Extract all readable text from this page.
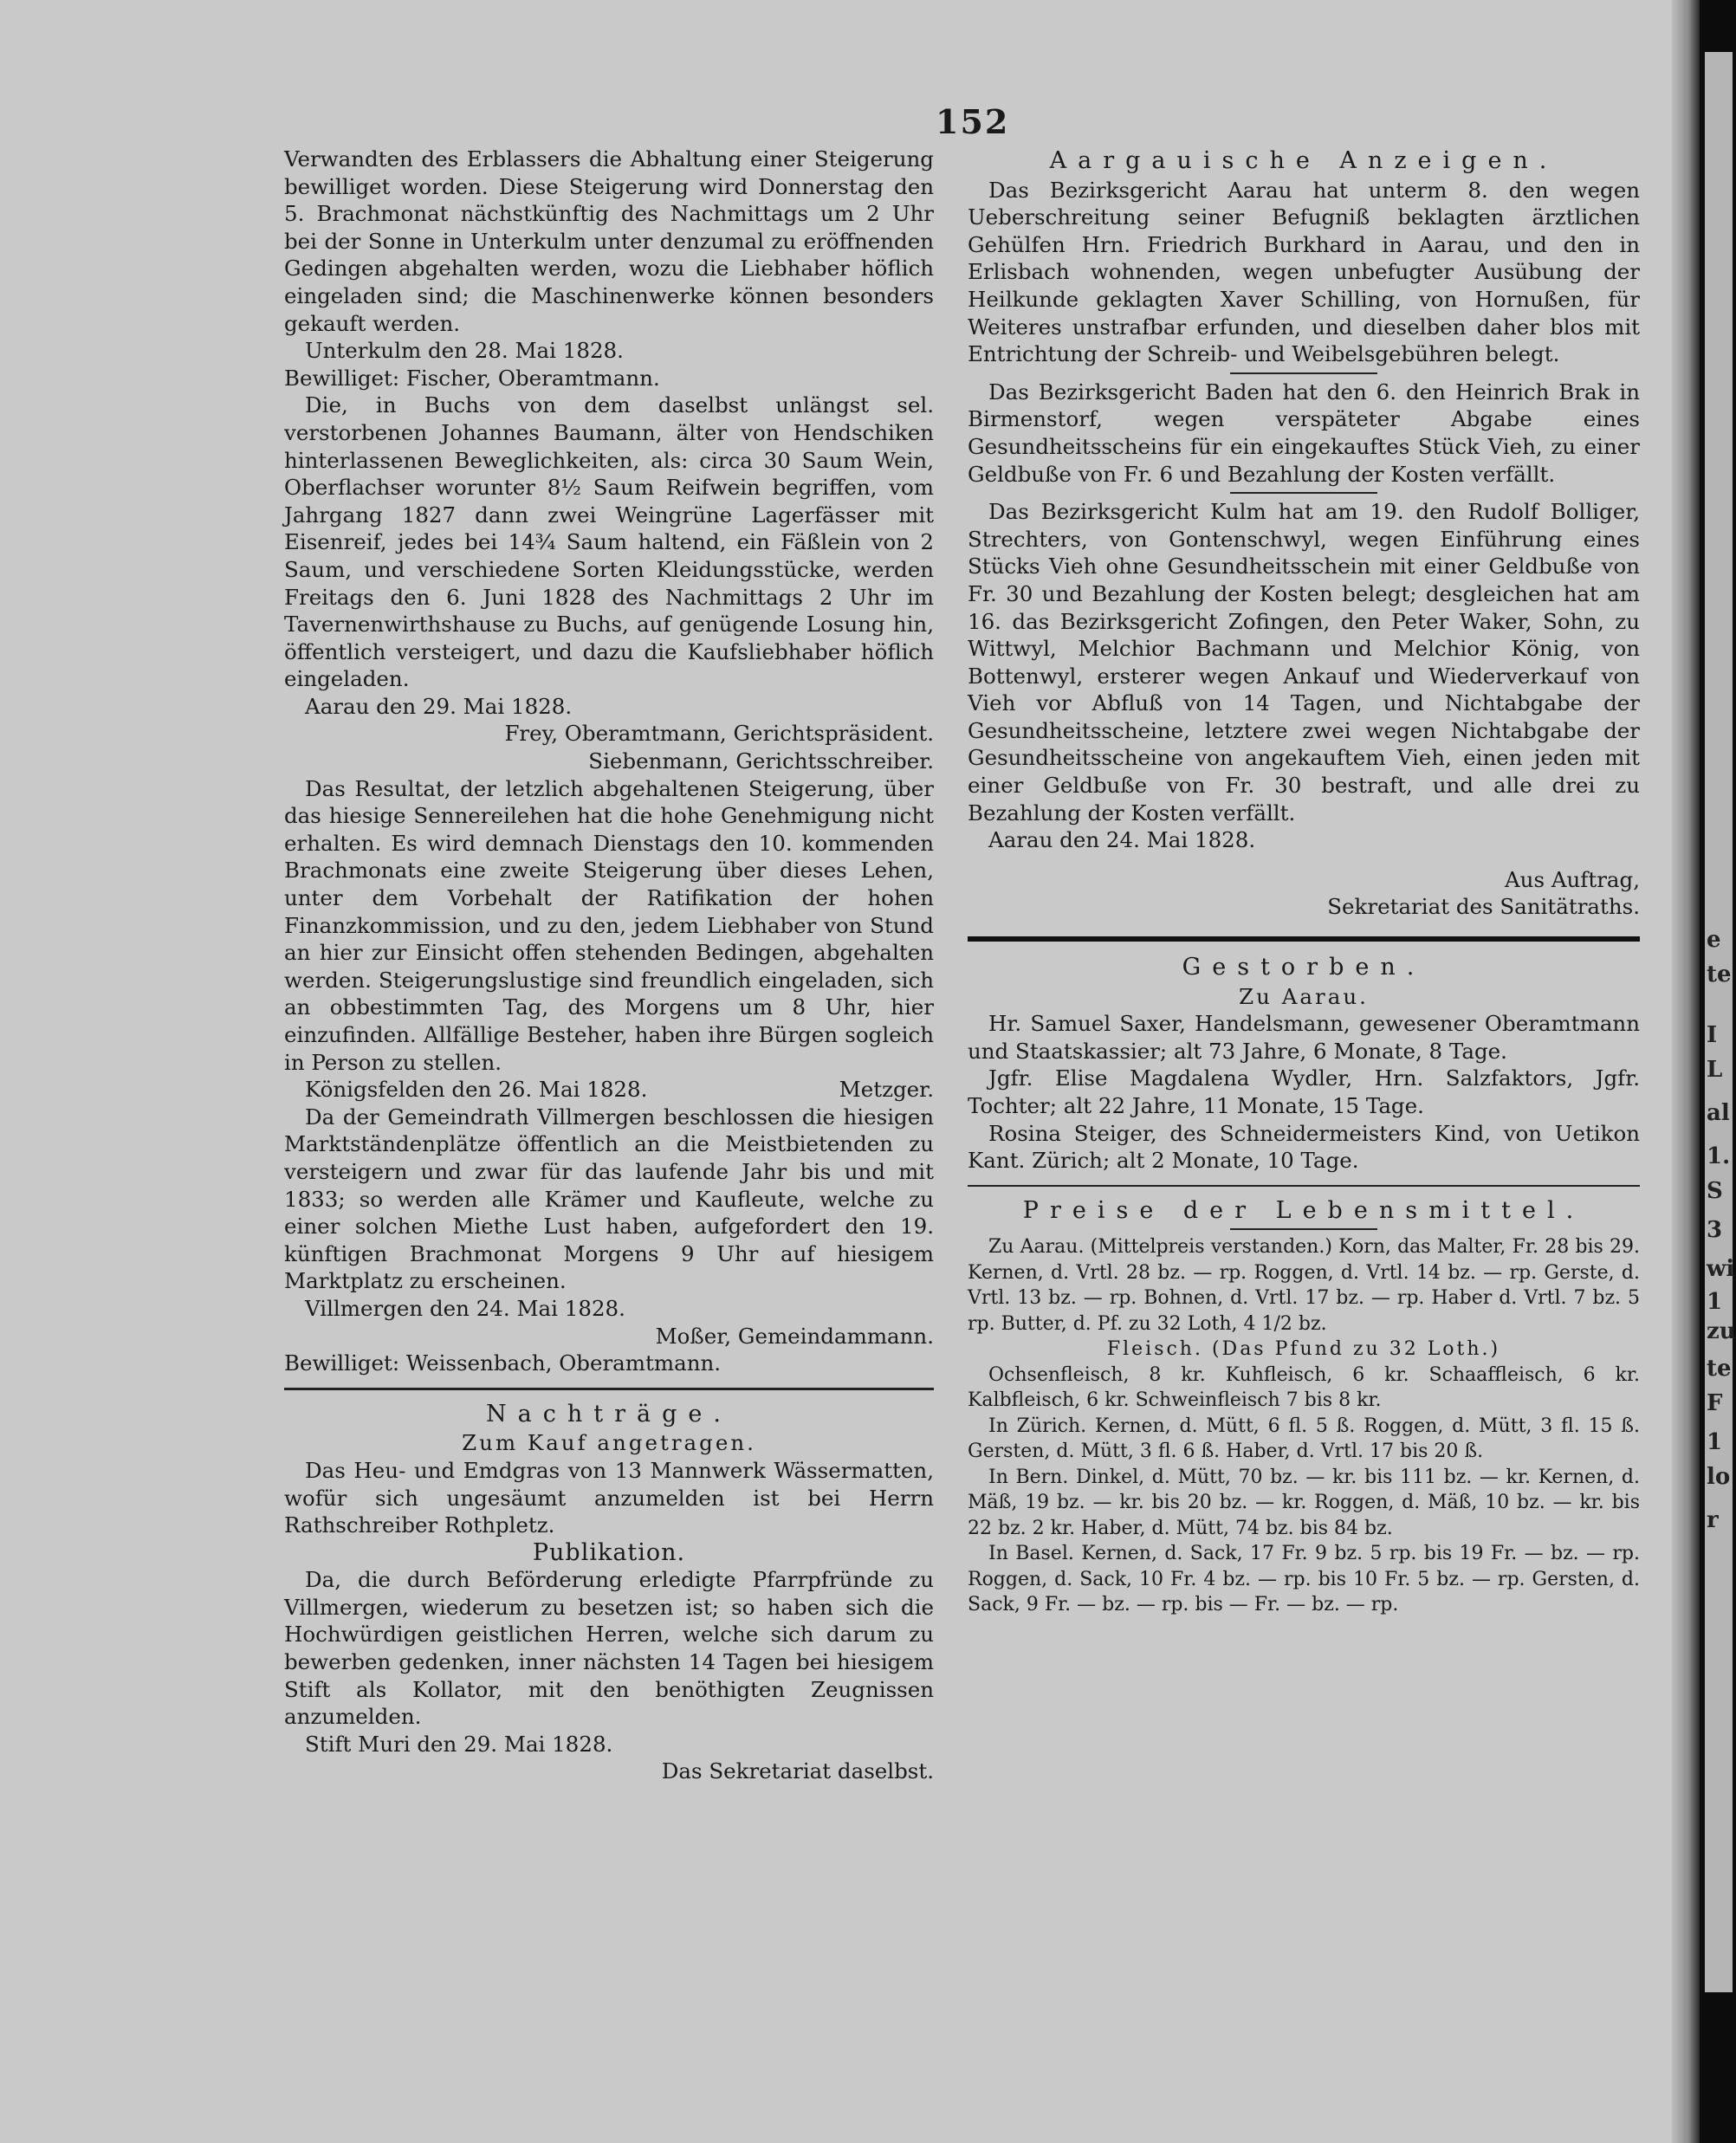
e
te
I
L
al
1.
S
3
wi
1
zu
te
F
1
lo
r
152

Verwandten des Erblassers die Abhaltung einer Steigerung bewilliget worden. Diese Steigerung wird Donnerstag den 5. Brachmonat nächstkünftig des Nachmittags um 2 Uhr bei der Sonne in Unterkulm unter denzumal zu eröffnenden Gedingen abgehalten werden, wozu die Liebhaber höflich eingeladen sind; die Maschinenwerke können besonders gekauft werden.

Unterkulm den 28. Mai 1828.

Bewilliget: Fischer, Oberamtmann.

Die, in Buchs von dem daselbst unlängst sel. verstorbenen Johannes Baumann, älter von Hendschiken hinterlassenen Beweglichkeiten, als: circa 30 Saum Wein, Oberflachser worunter 8½ Saum Reifwein begriffen, vom Jahrgang 1827 dann zwei Weingrüne Lagerfässer mit Eisenreif, jedes bei 14¾ Saum haltend, ein Fäßlein von 2 Saum, und verschiedene Sorten Kleidungsstücke, werden Freitags den 6. Juni 1828 des Nachmittags 2 Uhr im Tavernenwirthshause zu Buchs, auf genügende Losung hin, öffentlich versteigert, und dazu die Kaufsliebhaber höflich eingeladen.

Aarau den 29. Mai 1828.

Frey, Oberamtmann, Gerichtspräsident.
Siebenmann, Gerichtsschreiber.

Das Resultat, der letzlich abgehaltenen Steigerung, über das hiesige Sennereilehen hat die hohe Genehmigung nicht erhalten. Es wird demnach Dienstags den 10. kommenden Brachmonats eine zweite Steigerung über dieses Lehen, unter dem Vorbehalt der Ratifikation der hohen Finanzkommission, und zu den, jedem Liebhaber von Stund an hier zur Einsicht offen stehenden Bedingen, abgehalten werden. Steigerungslustige sind freundlich eingeladen, sich an obbestimmten Tag, des Morgens um 8 Uhr, hier einzufinden. Allfällige Besteher, haben ihre Bürgen sogleich in Person zu stellen.

Königsfelden den 26. Mai 1828.	Metzger.

Da der Gemeindrath Villmergen beschlossen die hiesigen Marktständenplätze öffentlich an die Meistbietenden zu versteigern und zwar für das laufende Jahr bis und mit 1833; so werden alle Krämer und Kaufleute, welche zu einer solchen Miethe Lust haben, aufgefordert den 19. künftigen Brachmonat Morgens 9 Uhr auf hiesigem Marktplatz zu erscheinen.

Villmergen den 24. Mai 1828.

Moßer, Gemeindammann.
Bewilliget: Weissenbach, Oberamtmann.
Nachträge.
Zum Kauf angetragen.

Das Heu- und Emdgras von 13 Mannwerk Wässermatten, wofür sich ungesäumt anzumelden ist bei Herrn Rathschreiber Rothpletz.

Publikation.

Da, die durch Beförderung erledigte Pfarrpfründe zu Villmergen, wiederum zu besetzen ist; so haben sich die Hochwürdigen geistlichen Herren, welche sich darum zu bewerben gedenken, inner nächsten 14 Tagen bei hiesigem Stift als Kollator, mit den benöthigten Zeugnissen anzumelden.

Stift Muri den 29. Mai 1828.

Das Sekretariat daselbst.
Aargauische Anzeigen.

Das Bezirksgericht Aarau hat unterm 8. den wegen Ueberschreitung seiner Befugniß beklagten ärztlichen Gehülfen Hrn. Friedrich Burkhard in Aarau, und den in Erlisbach wohnenden, wegen unbefugter Ausübung der Heilkunde geklagten Xaver Schilling, von Hornußen, für Weiteres unstrafbar erfunden, und dieselben daher blos mit Entrichtung der Schreib- und Weibelsgebühren belegt.

Das Bezirksgericht Baden hat den 6. den Heinrich Brak in Birmenstorf, wegen verspäteter Abgabe eines Gesundheitsscheins für ein eingekauftes Stück Vieh, zu einer Geldbuße von Fr. 6 und Bezahlung der Kosten verfällt.

Das Bezirksgericht Kulm hat am 19. den Rudolf Bolliger, Strechters, von Gontenschwyl, wegen Einführung eines Stücks Vieh ohne Gesundheitsschein mit einer Geldbuße von Fr. 30 und Bezahlung der Kosten belegt; desgleichen hat am 16. das Bezirksgericht Zofingen, den Peter Waker, Sohn, zu Wittwyl, Melchior Bachmann und Melchior König, von Bottenwyl, ersterer wegen Ankauf und Wiederverkauf von Vieh vor Abfluß von 14 Tagen, und Nichtabgabe der Gesundheitsscheine, letztere zwei wegen Nichtabgabe der Gesundheitsscheine von angekauftem Vieh, einen jeden mit einer Geldbuße von Fr. 30 bestraft, und alle drei zu Bezahlung der Kosten verfällt.

Aarau den 24. Mai 1828.

Aus Auftrag,
Sekretariat des Sanitätraths.
Gestorben.
Zu Aarau.

Hr. Samuel Saxer, Handelsmann, gewesener Oberamtmann und Staatskassier; alt 73 Jahre, 6 Monate, 8 Tage.

Jgfr. Elise Magdalena Wydler, Hrn. Salzfaktors, Jgfr. Tochter; alt 22 Jahre, 11 Monate, 15 Tage.

Rosina Steiger, des Schneidermeisters Kind, von Uetikon Kant. Zürich; alt 2 Monate, 10 Tage.

Preise der Lebensmittel.

Zu Aarau. (Mittelpreis verstanden.) Korn, das Malter, Fr. 28 bis 29. Kernen, d. Vrtl. 28 bz. — rp. Roggen, d. Vrtl. 14 bz. — rp. Gerste, d. Vrtl. 13 bz. — rp. Bohnen, d. Vrtl. 17 bz. — rp. Haber d. Vrtl. 7 bz. 5 rp. Butter, d. Pf. zu 32 Loth, 4 1/2 bz.

Fleisch. (Das Pfund zu 32 Loth.)

Ochsenfleisch, 8 kr. Kuhfleisch, 6 kr. Schaaffleisch, 6 kr. Kalbfleisch, 6 kr. Schweinfleisch 7 bis 8 kr.

In Zürich. Kernen, d. Mütt, 6 fl. 5 ß. Roggen, d. Mütt, 3 fl. 15 ß. Gersten, d. Mütt, 3 fl. 6 ß. Haber, d. Vrtl. 17 bis 20 ß.

In Bern. Dinkel, d. Mütt, 70 bz. — kr. bis 111 bz. — kr. Kernen, d. Mäß, 19 bz. — kr. bis 20 bz. — kr. Roggen, d. Mäß, 10 bz. — kr. bis 22 bz. 2 kr. Haber, d. Mütt, 74 bz. bis 84 bz.

In Basel. Kernen, d. Sack, 17 Fr. 9 bz. 5 rp. bis 19 Fr. — bz. — rp. Roggen, d. Sack, 10 Fr. 4 bz. — rp. bis 10 Fr. 5 bz. — rp. Gersten, d. Sack, 9 Fr. — bz. — rp. bis — Fr. — bz. — rp.
